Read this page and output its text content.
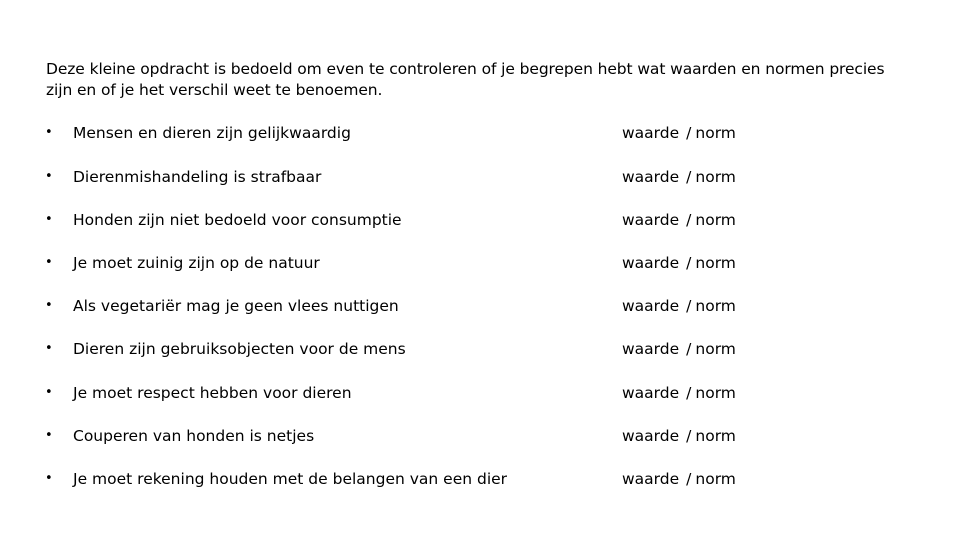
Deze kleine opdracht is bedoeld om even te controleren of je begrepen hebt wat waarden en normen precies zijn en of je het verschil weet te benoemen.

• Mensen en dieren zijn gelijkwaardig	waarde / norm
• Dierenmishandeling is strafbaar	waarde / norm
• Honden zijn niet bedoeld voor consumptie	waarde / norm
• Je moet zuinig zijn op de natuur	waarde / norm
• Als vegetariër mag je geen vlees nuttigen	waarde / norm
• Dieren zijn gebruiksobjecten voor de mens	waarde / norm
• Je moet respect hebben voor dieren	waarde / norm
• Couperen van honden is netjes	waarde / norm
• Je moet rekening houden met de belangen van een dier	waarde / norm
